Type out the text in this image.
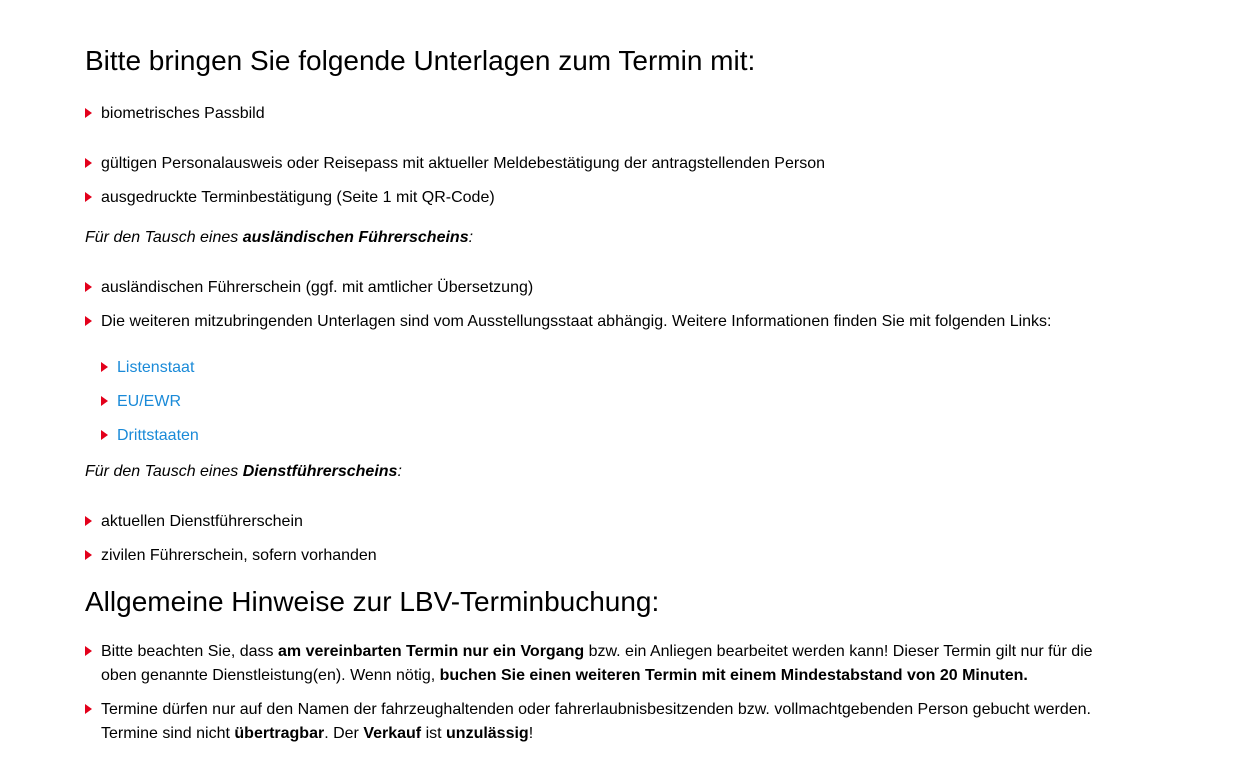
Bitte bringen Sie folgende Unterlagen zum Termin mit:
biometrisches Passbild
gültigen Personalausweis oder Reisepass mit aktueller Meldebestätigung der antragstellenden Person
ausgedruckte Terminbestätigung (Seite 1 mit QR-Code)
Für den Tausch eines ausländischen Führerscheins:
ausländischen Führerschein (ggf. mit amtlicher Übersetzung)
Die weiteren mitzubringenden Unterlagen sind vom Ausstellungsstaat abhängig. Weitere Informationen finden Sie mit folgenden Links:
Listenstaat
EU/EWR
Drittstaaten
Für den Tausch eines Dienstführerscheins:
aktuellen Dienstführerschein
zivilen Führerschein, sofern vorhanden
Allgemeine Hinweise zur LBV-Terminbuchung:
Bitte beachten Sie, dass am vereinbarten Termin nur ein Vorgang bzw. ein Anliegen bearbeitet werden kann! Dieser Termin gilt nur für die oben genannte Dienstleistung(en). Wenn nötig, buchen Sie einen weiteren Termin mit einem Mindestabstand von 20 Minuten.
Termine dürfen nur auf den Namen der fahrzeughaltenden oder fahrerlaubnisbesitzenden bzw. vollmachtgebenden Person gebucht werden. Termine sind nicht übertragbar. Der Verkauf ist unzulässig!
